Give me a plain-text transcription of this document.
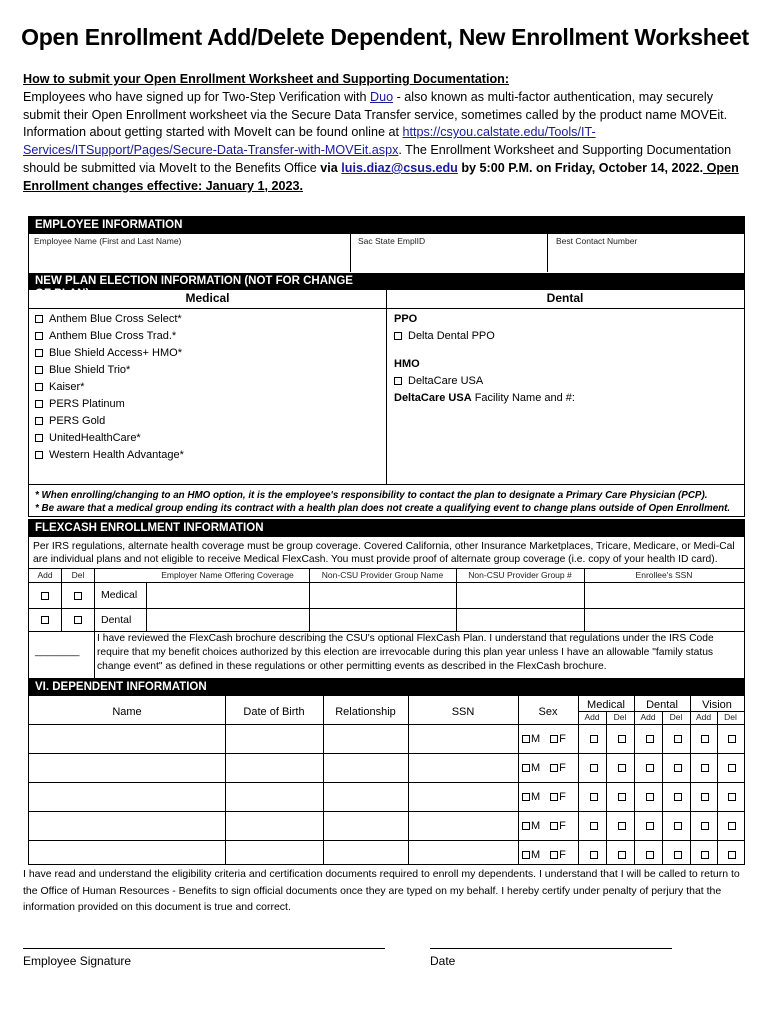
Open Enrollment Add/Delete Dependent, New Enrollment Worksheet
How to submit your Open Enrollment Worksheet and Supporting Documentation:
Employees who have signed up for Two-Step Verification with Duo - also known as multi-factor authentication, may securely submit their Open Enrollment worksheet via the Secure Data Transfer service, sometimes called by the product name MOVEit. Information about getting started with MoveIt can be found online at https://csyou.calstate.edu/Tools/IT-Services/ITSupport/Pages/Secure-Data-Transfer-with-MOVEit.aspx. The Enrollment Worksheet and Supporting Documentation should be submitted via MoveIt to the Benefits Office via luis.diaz@csus.edu by 5:00 P.M. on Friday, October 14, 2022. Open Enrollment changes effective: January 1, 2023.
EMPLOYEE INFORMATION
Employee Name (First and Last Name)	Sac State EmplID	Best Contact Number
NEW PLAN ELECTION INFORMATION (NOT FOR CHANGE OF PLAN)	Medical	Dental
Anthem Blue Cross Select*
Anthem Blue Cross Trad.*
Blue Shield Access+ HMO*
Blue Shield Trio*
Kaiser*
PERS Platinum
PERS Gold
UnitedHealthCare*
Western Health Advantage*
PPO
Delta Dental PPO
HMO
DeltaCare USA
DeltaCare USA Facility Name and #:
* When enrolling/changing to an HMO option, it is the employee's responsibility to contact the plan to designate a Primary Care Physician (PCP).
* Be aware that a medical group ending its contract with a health plan does not create a qualifying event to change plans outside of Open Enrollment.
FLEXCASH ENROLLMENT INFORMATION
Per IRS regulations, alternate health coverage must be group coverage. Covered California, other Insurance Marketplaces, Tricare, Medicare, or Medi-Cal are individual plans and not eligible to receive Medical FlexCash. You must provide proof of alternate group coverage (i.e. copy of your health ID card).
Add	Del	Employer Name Offering Coverage	Non-CSU Provider Group Name	Non-CSU Provider Group #	Enrollee's SSN
Medical
Dental
________
I have reviewed the FlexCash brochure describing the CSU's optional FlexCash Plan. I understand that regulations under the IRS Code require that my benefit choices authorized by this election are irrevocable during this plan year unless I have an allowable "family status change event" as defined in these regulations or other permitting events as described in the FlexCash brochure.
VI. DEPENDENT INFORMATION
Name	Date of Birth	Relationship	SSN	Sex
Medical	Dental	Vision
Add	Del	Add	Del	Add	Del
M F
M F
M F
M F
M F
I have read and understand the eligibility criteria and certification documents required to enroll my dependents. I understand that I will be called to return to the Office of Human Resources - Benefits to sign official documents once they are typed on my behalf. I hereby certify under penalty of perjury that the information provided on this document is true and correct.
Employee Signature	Date
